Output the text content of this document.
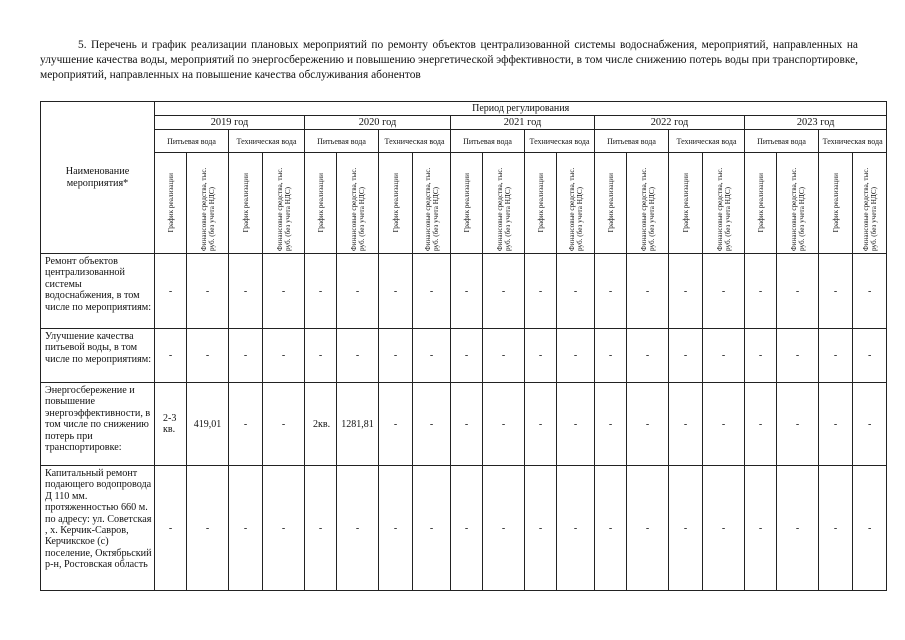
5. Перечень и график реализации плановых мероприятий по ремонту объектов централизованной системы водоснабжения, мероприятий, направленных на улучшение качества воды, мероприятий по энергосбережению и повышению энергетической эффективности, в том числе снижению потерь воды при транспортировке, мероприятий, направленных на повышение качества обслуживания абонентов
Наименование мероприятия*	Период регулирования																			
	2019 год				2020 год				2021 год				2022 год				2023 год			
	Питьевая вода		Техническая вода		Питьевая вода		Техническая вода		Питьевая вода		Техническая вода		Питьевая вода		Техническая вода		Питьевая вода		Техническая вода	

	График реализации	Финансовые средства, тыс. руб. (без учета НДС)	График реализации	Финансовые средства, тыс. руб. (без учета НДС)	График реализации	Финансовые средства, тыс. руб. (без учета НДС)	График реализации	Финансовые средства, тыс. руб. (без учета НДС)	График реализации	Финансовые средства, тыс. руб. (без учета НДС)	График реализации	Финансовые средства, тыс. руб. (без учета НДС)	График реализации	Финансовые средства, тыс. руб. (без учета НДС)	График реализации	Финансовые средства, тыс. руб. (без учета НДС)	График реализации	Финансовые средства, тыс. руб. (без учета НДС)	График реализации	Финансовые средства, тыс. руб. (без учета НДС)

Ремонт объектов централизованной системы водоснабжения, в том числе по мероприятиям:	-	-	-	-	-	-	-	-	-	-	-	-	-	-	-	-	-	-	-	-
Улучшение качества питьевой воды, в том числе по мероприятиям:	-	-	-	-	-	-	-	-	-	-	-	-	-	-	-	-	-	-	-	-
Энергосбережение и повышение энергоэффективности, в том числе по снижению потерь при транспортировке:	2-3 кв.	419,01	-	-	2кв.	1281,81	-	-	-	-	-	-	-	-	-	-	-	-	-	-
Капитальный ремонт подающего водопровода Д 110 мм. протяженностью 660 м. по адресу: ул. Советская , х. Керчик-Савров, Керчикское (с) поселение, Октябрьский р-н, Ростовская область	-	-	-	-	-	-	-	-	-	-	-	-	-	-	-	-	-	-	-	-
